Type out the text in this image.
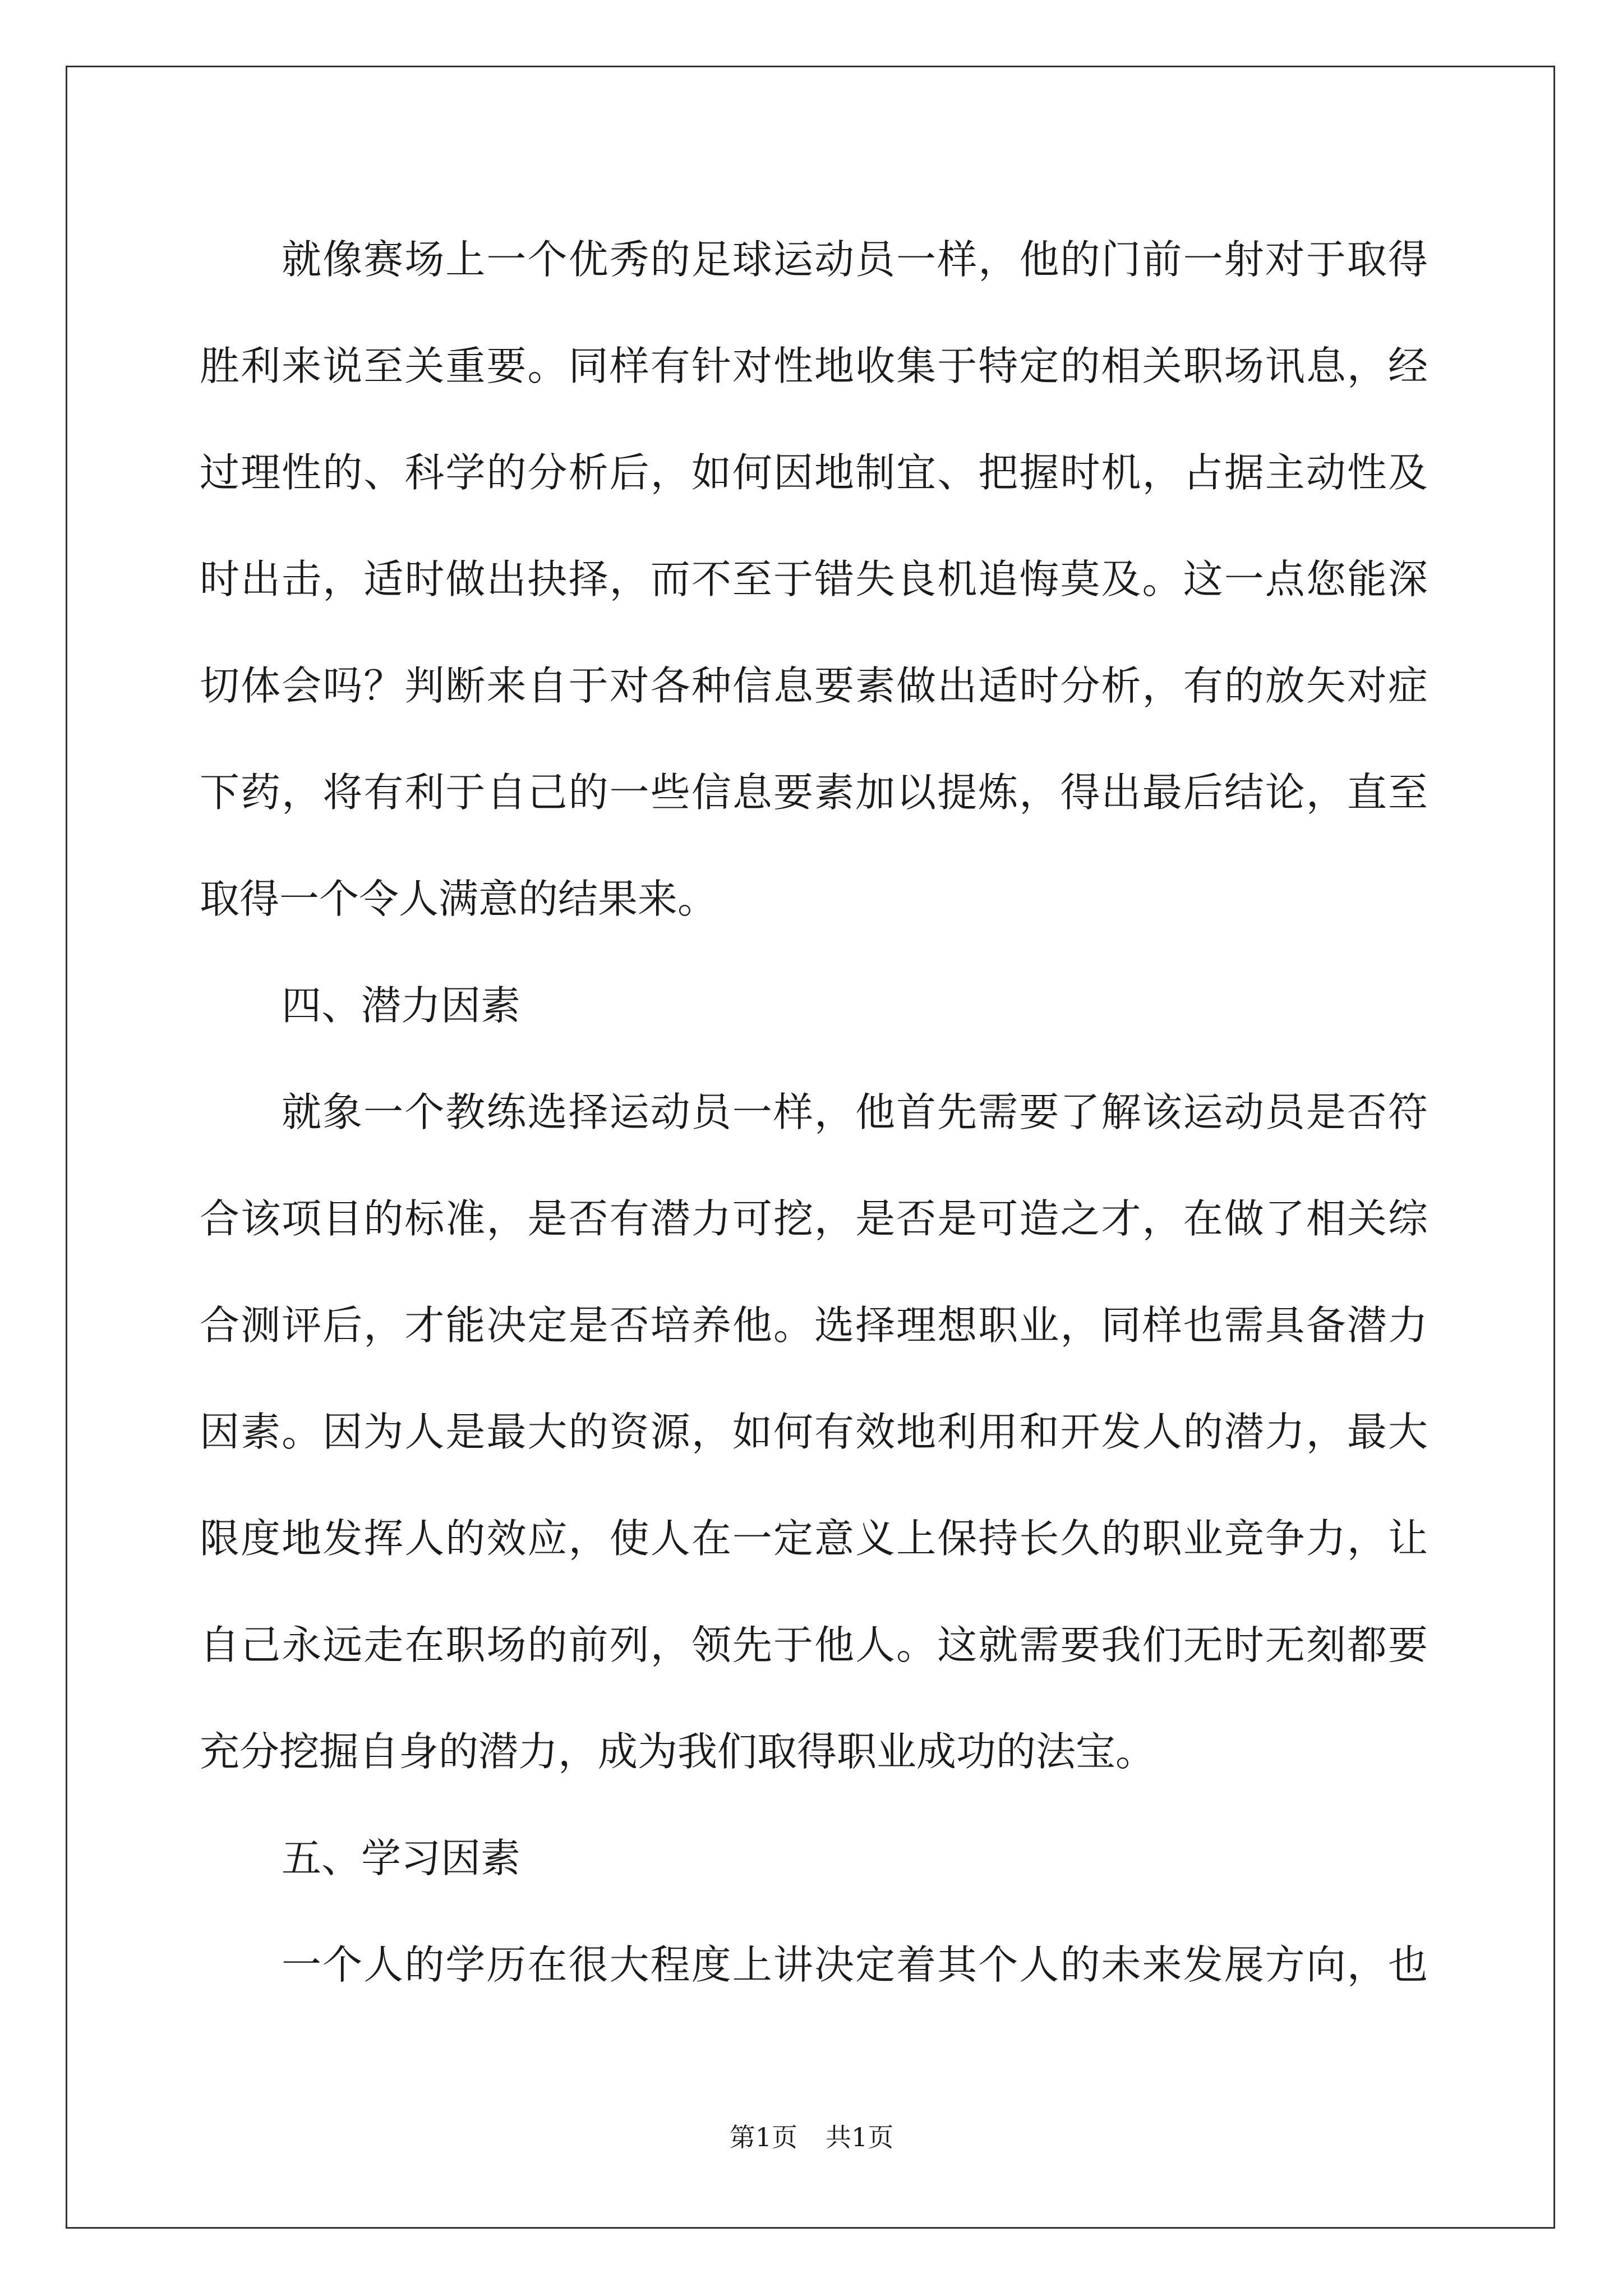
就像赛场上一个优秀的足球运动员一样，他的门前一射对于取得
胜利来说至关重要。同样有针对性地收集于特定的相关职场讯息，经
过理性的、科学的分析后，如何因地制宜、把握时机，占据主动性及
时出击，适时做出抉择，而不至于错失良机追悔莫及。这一点您能深
切体会吗？判断来自于对各种信息要素做出适时分析，有的放矢对症
下药，将有利于自己的一些信息要素加以提炼，得出最后结论，直至
取得一个令人满意的结果来。
四、潜力因素
就象一个教练选择运动员一样，他首先需要了解该运动员是否符
合该项目的标准，是否有潜力可挖，是否是可造之才，在做了相关综
合测评后，才能决定是否培养他。选择理想职业，同样也需具备潜力
因素。因为人是最大的资源，如何有效地利用和开发人的潜力，最大
限度地发挥人的效应，使人在一定意义上保持长久的职业竞争力，让
自己永远走在职场的前列，领先于他人。这就需要我们无时无刻都要
充分挖掘自身的潜力，成为我们取得职业成功的法宝。
五、学习因素
一个人的学历在很大程度上讲决定着其个人的未来发展方向，也
第1页 共1页
